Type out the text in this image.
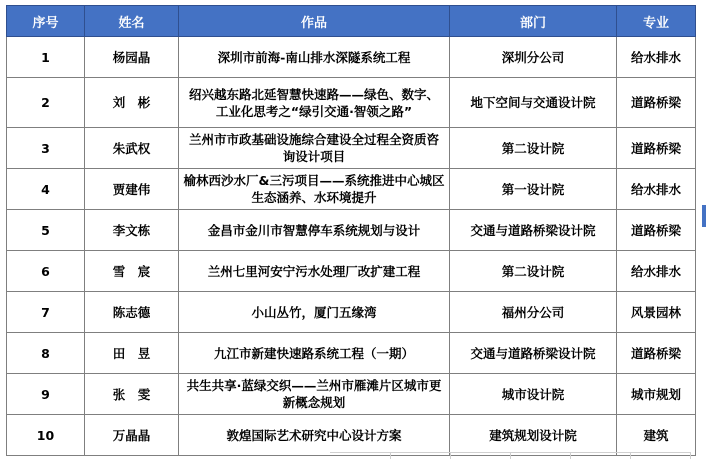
序号	姓名	作品	部门	专业
1	杨园晶	深圳市前海-南山排水深隧系统工程	深圳分公司	给水排水
2	刘　彬	绍兴越东路北延智慧快速路——绿色、数字、工业化思考之“绿引交通·智领之路”	地下空间与交通设计院	道路桥梁
3	朱武权	兰州市市政基础设施综合建设全过程全资质咨询设计项目	第二设计院	道路桥梁
4	贾建伟	榆林西沙水厂&三污项目——系统推进中心城区生态涵养、水环境提升	第一设计院	给水排水
5	李文栋	金昌市金川市智慧停车系统规划与设计	交通与道路桥梁设计院	道路桥梁
6	雪　宸	兰州七里河安宁污水处理厂改扩建工程	第二设计院	给水排水
7	陈志德	小山丛竹，厦门五缘湾	福州分公司	风景园林
8	田　昱	九江市新建快速路系统工程（一期）	交通与道路桥梁设计院	道路桥梁
9	张　雯	共生共享·蓝绿交织——兰州市雁滩片区城市更新概念规划	城市设计院	城市规划
10	万晶晶	敦煌国际艺术研究中心设计方案	建筑规划设计院	建筑
